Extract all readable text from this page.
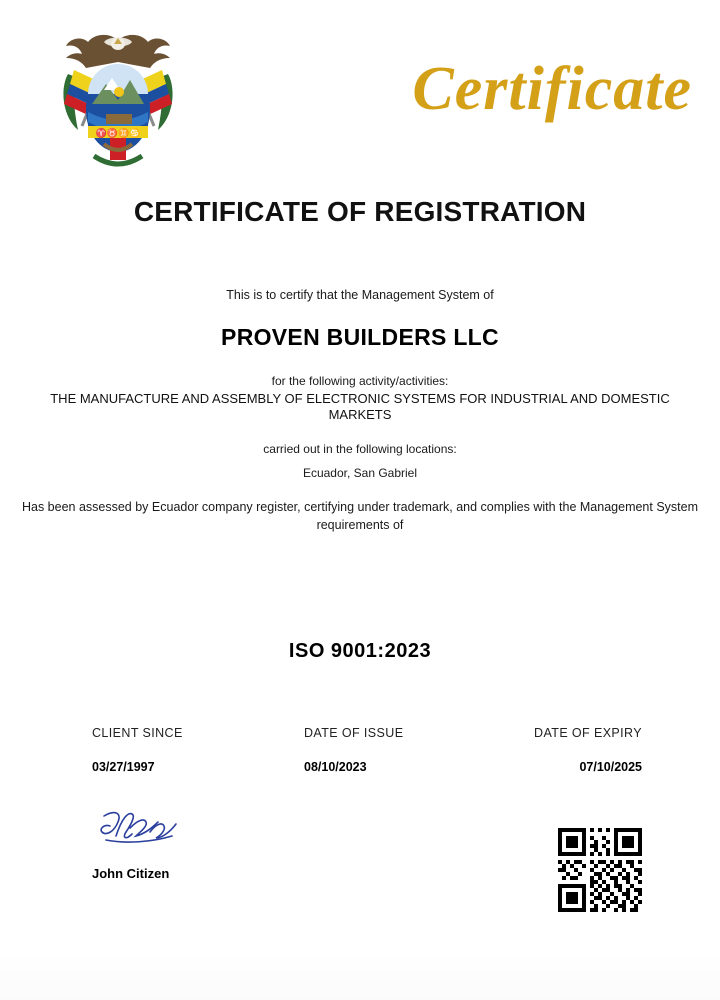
♈♉♊♋
Certificate
CERTIFICATE OF REGISTRATION

This is to certify that the Management System of

PROVEN BUILDERS LLC

for the following activity/activities:

THE MANUFACTURE AND ASSEMBLY OF ELECTRONIC SYSTEMS FOR INDUSTRIAL AND DOMESTIC MARKETS

carried out in the following locations:

Ecuador, San Gabriel

Has been assessed by Ecuador company register, certifying under trademark, and complies with the Management System requirements of

ISO 9001:2023
CLIENT SINCE
03/27/1997
DATE OF ISSUE
08/10/2023
DATE OF EXPIRY
07/10/2025
John Citizen
